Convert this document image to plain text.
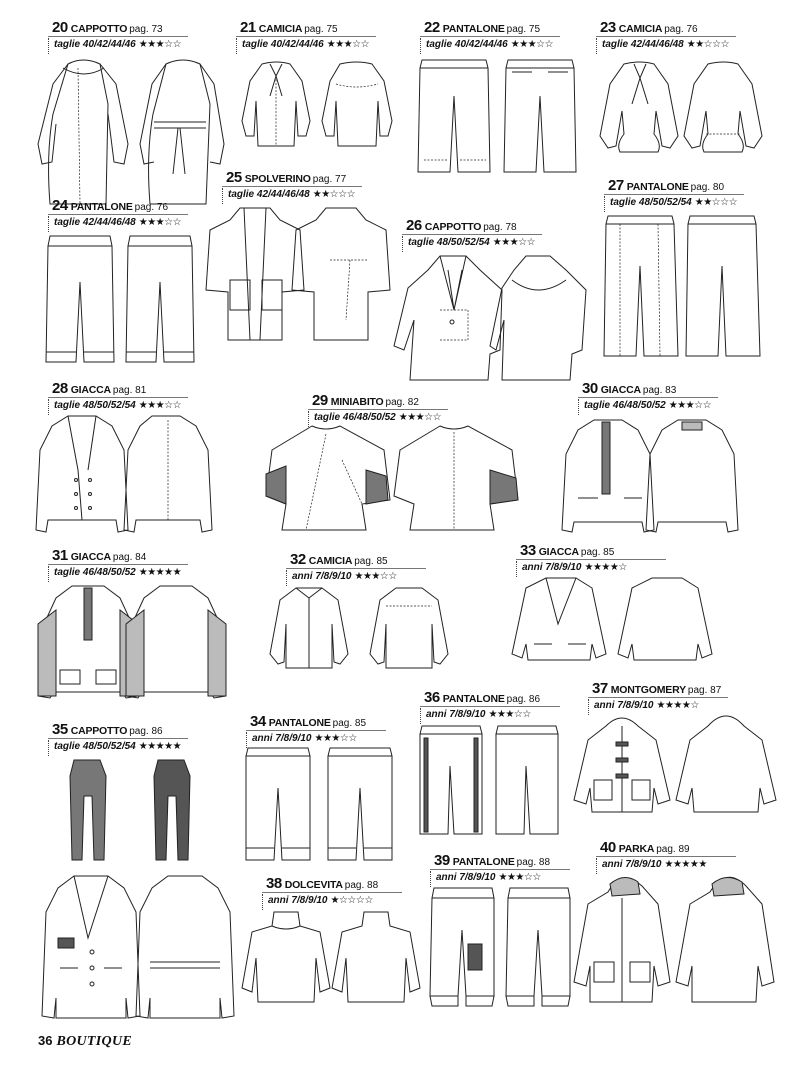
20 CAPPOTTO pag. 73
taglie 40/42/44/46 ★★★☆☆
21 CAMICIA pag. 75
taglie 40/42/44/46 ★★★☆☆
22 PANTALONE pag. 75
taglie 40/42/44/46 ★★★☆☆
23 CAMICIA pag. 76
taglie 42/44/46/48 ★★☆☆☆
24 PANTALONE pag. 76
taglie 42/44/46/48 ★★★☆☆
25 SPOLVERINO pag. 77
taglie 42/44/46/48 ★★☆☆☆
26 CAPPOTTO pag. 78
taglie 48/50/52/54 ★★★☆☆
27 PANTALONE pag. 80
taglie 48/50/52/54 ★★☆☆☆
28 GIACCA pag. 81
taglie 48/50/52/54 ★★★☆☆	29 MINIABITO pag. 82
taglie 46/48/50/52 ★★★☆☆
30 GIACCA pag. 83
taglie 46/48/50/52 ★★★☆☆
31 GIACCA pag. 84
taglie 46/48/50/52 ★★★★★
32 CAMICIA pag. 85
anni 7/8/9/10 ★★★☆☆
33 GIACCA pag. 85
anni 7/8/9/10 ★★★★☆
36 PANTALONE pag. 86
anni 7/8/9/10 ★★★☆☆
37 MONTGOMERY pag. 87
anni 7/8/9/10 ★★★★☆
35 CAPPOTTO pag. 86
taglie 48/50/52/54 ★★★★★
34 PANTALONE pag. 85
anni 7/8/9/10 ★★★☆☆
39 PANTALONE pag. 88
anni 7/8/9/10 ★★★☆☆
40 PARKA pag. 89
anni 7/8/9/10 ★★★★★
38 DOLCEVITA pag. 88
anni 7/8/9/10 ★☆☆☆☆
36 BOUTIQUE
